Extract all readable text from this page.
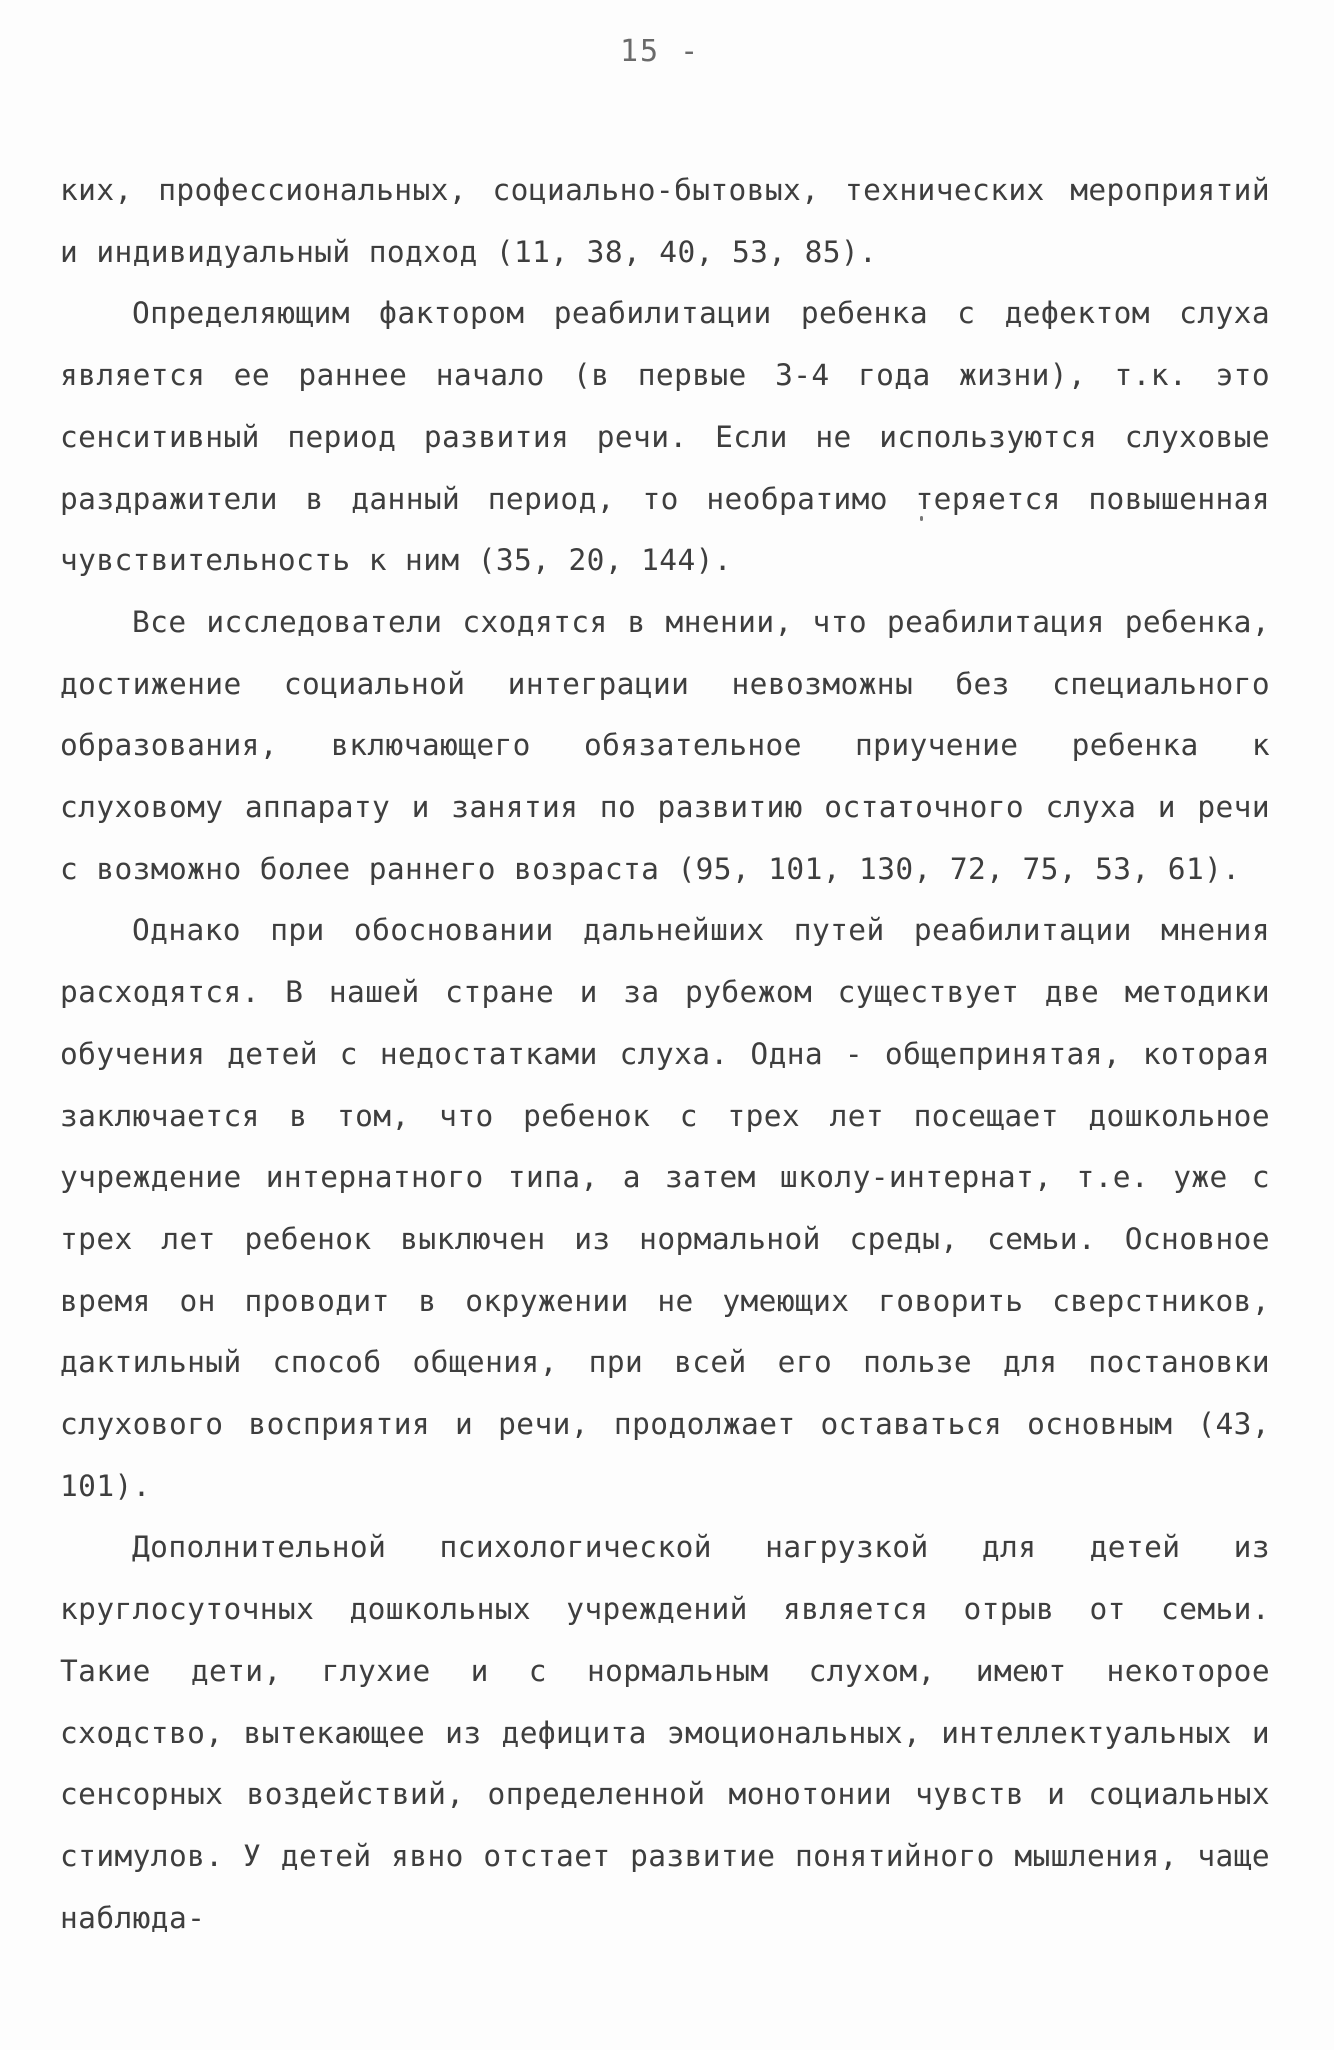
15 -

ких, профессиональных, социально-бытовых, технических мероприятий и индивидуальный подход (11, 38, 40, 53, 85).

Определяющим фактором реабилитации ребенка с дефектом слуха является ее раннее начало (в первые 3-4 года жизни), т.к. это сенситивный период развития речи. Если не используются слуховые раздражители в данный период, то необратимо теряется повышенная чувствительность к ним (35, 20, 144).

Все исследователи сходятся в мнении, что реабилитация ребенка, достижение социальной интеграции невозможны без специального образования, включающего обязательное приучение ребенка к слуховому аппарату и занятия по развитию остаточного слуха и речи с возможно более раннего возраста (95, 101, 130, 72, 75, 53, 61).

Однако при обосновании дальнейших путей реабилитации мнения расходятся. В нашей стране и за рубежом существует две методики обучения детей с недостатками слуха. Одна - общепринятая, которая заключается в том, что ребенок с трех лет посещает дошкольное учреждение интернатного типа, а затем школу-интернат, т.е. уже с трех лет ребенок выключен из нормальной среды, семьи. Основное время он проводит в окружении не умеющих говорить сверстников, дактильный способ общения, при всей его пользе для постановки слухового восприятия и речи, продолжает оставаться основным (43, 101).

Дополнительной психологической нагрузкой для детей из круглосуточных дошкольных учреждений является отрыв от семьи. Такие дети, глухие и с нормальным слухом, имеют некоторое сходство, вытекающее из дефицита эмоциональных, интеллектуальных и сенсорных воздействий, определенной монотонии чувств и социальных стимулов. У детей явно отстает развитие понятийного мышления, чаще наблюда-
